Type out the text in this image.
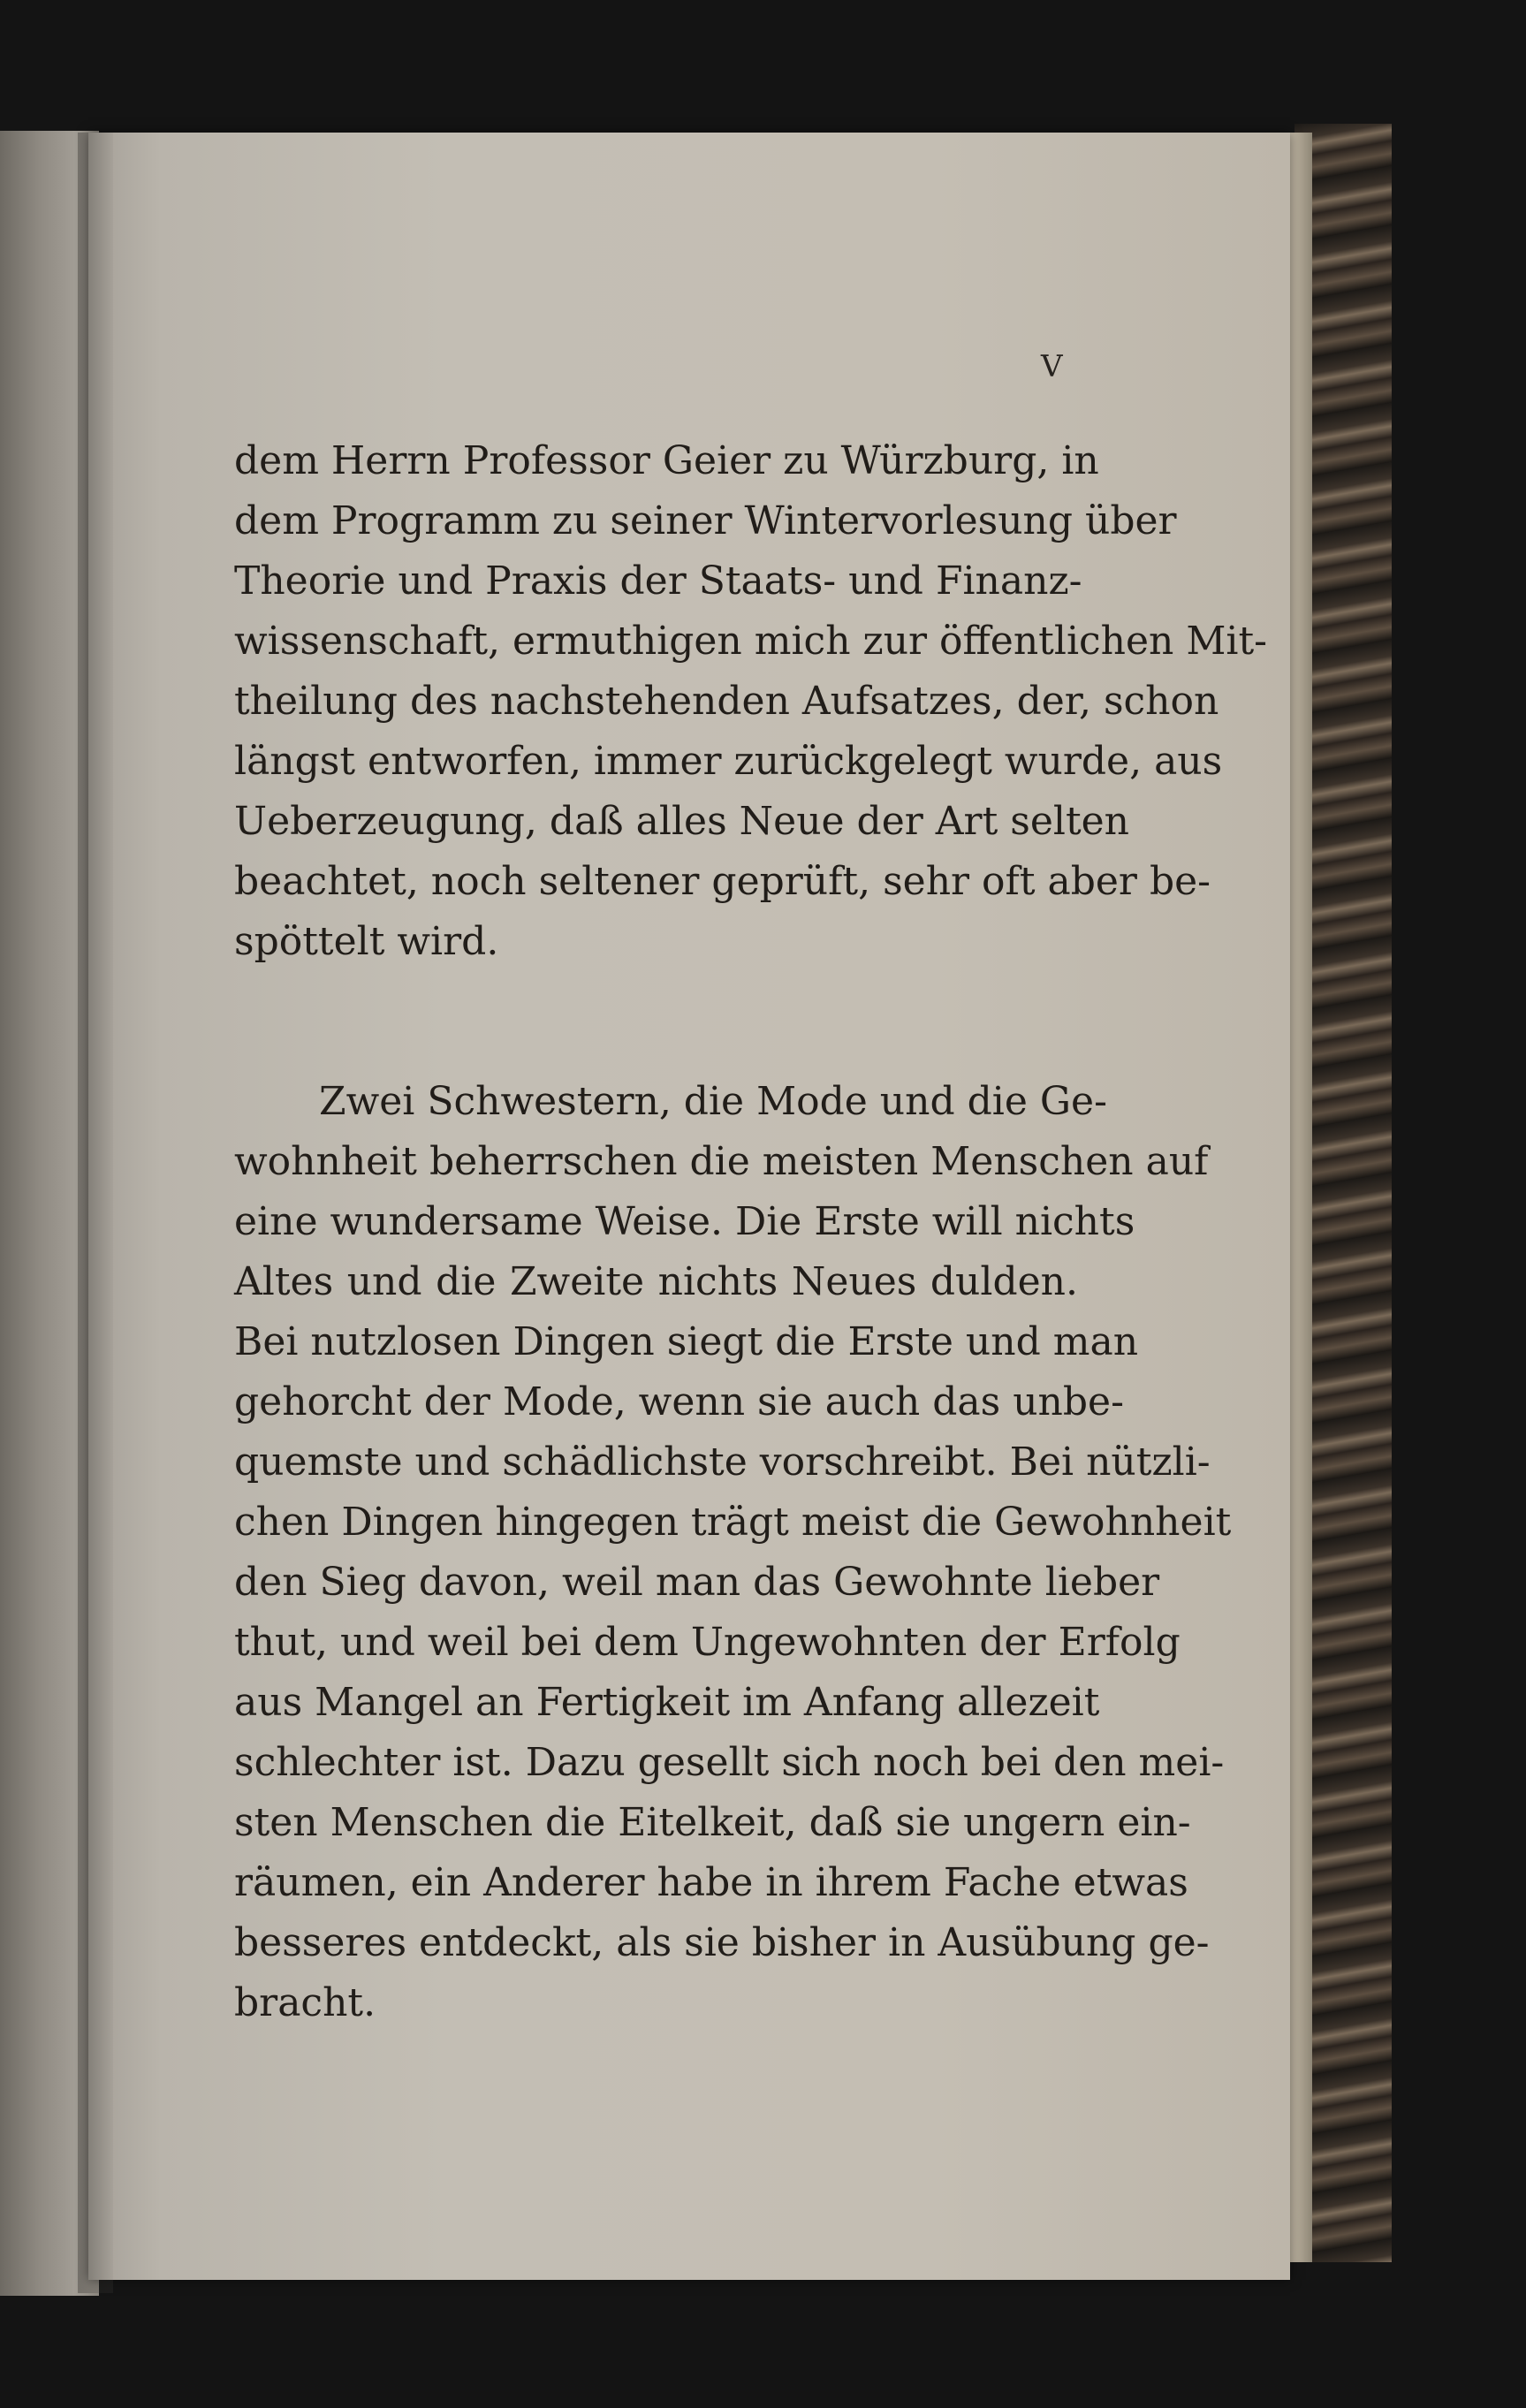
V
dem Herrn Professor Geier zu Würzburg, in
dem Programm zu seiner Wintervorlesung über
Theorie und Praxis der Staats- und Finanz-
wissenschaft, ermuthigen mich zur öffentlichen Mit-
theilung des nachstehenden Aufsatzes, der, schon
längst entworfen, immer zurückgelegt wurde, aus
Ueberzeugung, daß alles Neue der Art selten
beachtet, noch seltener geprüft, sehr oft aber be-
spöttelt wird.
Zwei Schwestern, die Mode und die Ge-
wohnheit beherrschen die meisten Menschen auf
eine wundersame Weise. Die Erste will nichts
Altes und die Zweite nichts Neues dulden.
Bei nutzlosen Dingen siegt die Erste und man
gehorcht der Mode, wenn sie auch das unbe-
quemste und schädlichste vorschreibt. Bei nützli-
chen Dingen hingegen trägt meist die Gewohnheit
den Sieg davon, weil man das Gewohnte lieber
thut, und weil bei dem Ungewohnten der Erfolg
aus Mangel an Fertigkeit im Anfang allezeit
schlechter ist. Dazu gesellt sich noch bei den mei-
sten Menschen die Eitelkeit, daß sie ungern ein-
räumen, ein Anderer habe in ihrem Fache etwas
besseres entdeckt, als sie bisher in Ausübung ge-
bracht.
